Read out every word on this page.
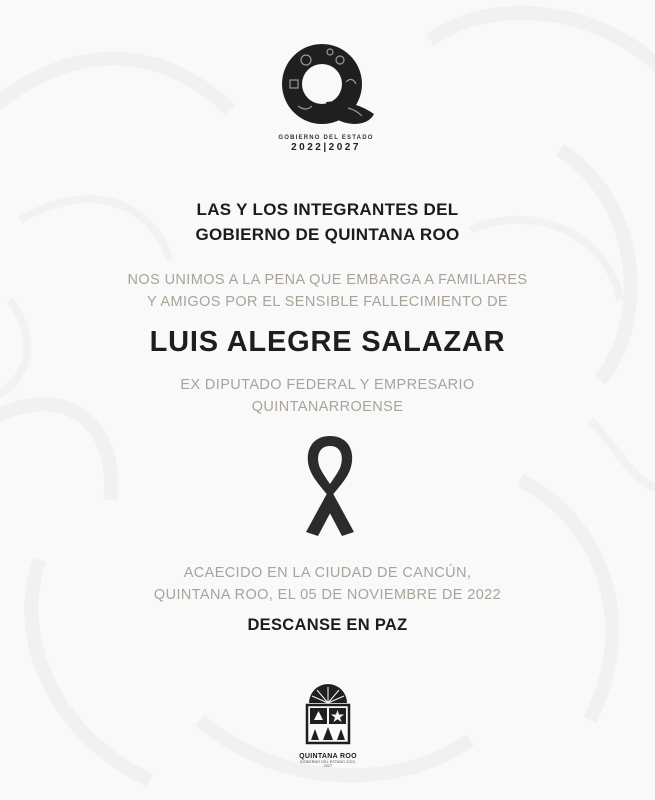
GOBIERNO DEL ESTADO
2022|2027
LAS Y LOS INTEGRANTES DEL
GOBIERNO DE QUINTANA ROO
NOS UNIMOS A LA PENA QUE EMBARGA A FAMILIARES
Y AMIGOS POR EL SENSIBLE FALLECIMIENTO DE
LUIS ALEGRE SALAZAR
EX DIPUTADO FEDERAL Y EMPRESARIO
QUINTANARROENSE
ACAECIDO EN LA CIUDAD DE CANCÚN,
QUINTANA ROO, EL 05 DE NOVIEMBRE DE 2022
DESCANSE EN PAZ
QUINTANA ROO
GOBIERNO DEL ESTADO 2022-2027
